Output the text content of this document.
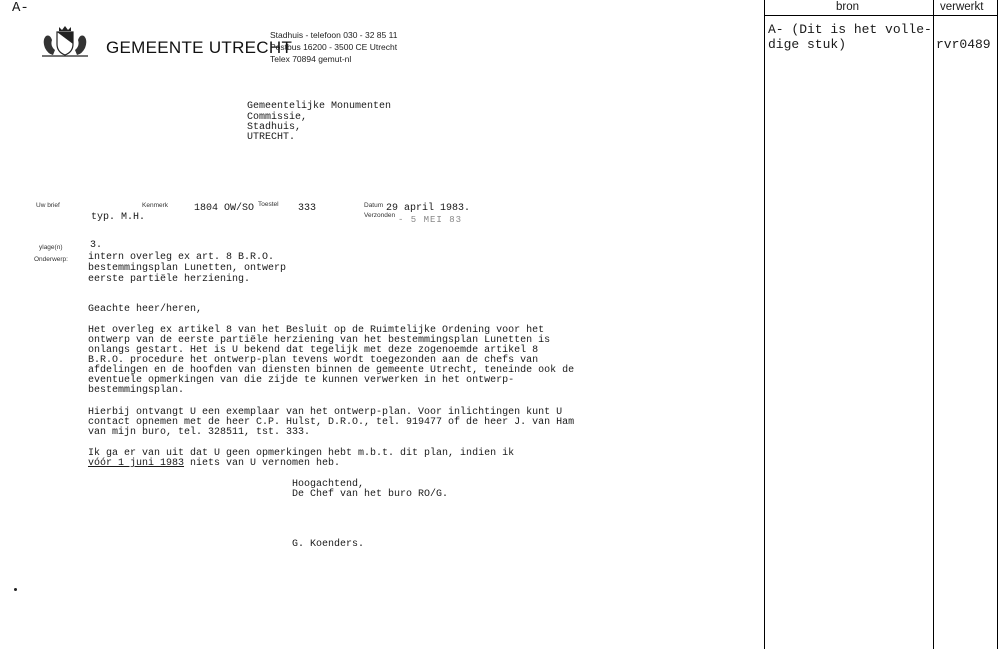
A-
GEMEENTE UTRECHT
Stadhuis - telefoon 030 - 32 85 11
Postbus 16200 - 3500 CE Utrecht
Telex 70894 gemut-nl
Gemeentelijke Monumenten
Commissie,
Stadhuis,
UTRECHT.
Uw brief	Kenmerk	1804 OW/SO Toestel 333	Datum 29 april 1983.
Verzonden - 5 MEI 83
typ. M.H.
ylage(n)	3.
Onderwerp: intern overleg ex art. 8 B.R.O.
bestemmingsplan Lunetten, ontwerp
eerste partiële herziening.
Geachte heer/heren,
Het overleg ex artikel 8 van het Besluit op de Ruimtelijke Ordening voor het
ontwerp van de eerste partiële herziening van het bestemmingsplan Lunetten is
onlangs gestart. Het is U bekend dat tegelijk met deze zogenoemde artikel 8
B.R.O. procedure het ontwerp-plan tevens wordt toegezonden aan de chefs van
afdelingen en de hoofden van diensten binnen de gemeente Utrecht, teneinde ook de
eventuele opmerkingen van die zijde te kunnen verwerken in het ontwerp-
bestemmingsplan.
Hierbij ontvangt U een exemplaar van het ontwerp-plan. Voor inlichtingen kunt U
contact opnemen met de heer C.P. Hulst, D.R.O., tel. 919477 of de heer J. van Ham
van mijn buro, tel. 328511, tst. 333.
Ik ga er van uit dat U geen opmerkingen hebt m.b.t. dit plan, indien ik
vóór 1 juni 1983 niets van U vernomen heb.
Hoogachtend,
De Chef van het buro RO/G.
G. Koenders.
bron	verwerkt
A- (Dit is het volle-
dige stuk)	rvr0489
